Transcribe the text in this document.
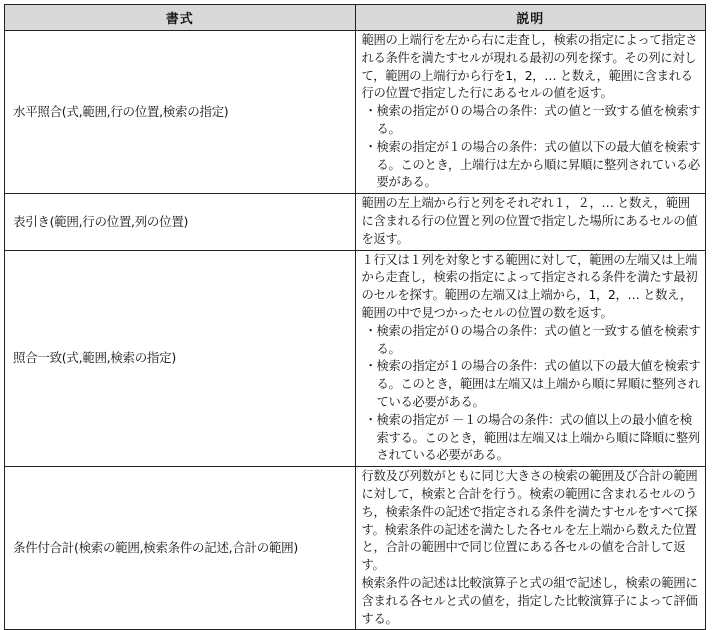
書式	説明
水平照合(式,範囲,行の位置,検索の指定)	範囲の上端行を左から右に走査し，検索の指定によって指定される条件を満たすセルが現れる最初の列を探す。その列に対して，範囲の上端行から行を1，2，… と数え，範囲に含まれる行の位置で指定した行にあるセルの値を返す。

・検索の指定が０の場合の条件：式の値と一致する値を検索する。

・検索の指定が１の場合の条件：式の値以下の最大値を検索する。このとき，上端行は左から順に昇順に整列されている必要がある。

表引き(範囲,行の位置,列の位置)	範囲の左上端から行と列をそれぞれ１，２，… と数え，範囲に含まれる行の位置と列の位置で指定した場所にあるセルの値を返す。

照合一致(式,範囲,検索の指定)	１行又は１列を対象とする範囲に対して，範囲の左端又は上端から走査し，検索の指定によって指定される条件を満たす最初のセルを探す。範囲の左端又は上端から，1，2，… と数え，範囲の中で見つかったセルの位置の数を返す。

・検索の指定が０の場合の条件：式の値と一致する値を検索する。

・検索の指定が１の場合の条件：式の値以下の最大値を検索する。このとき，範囲は左端又は上端から順に昇順に整列されている必要がある。

・検索の指定が －１の場合の条件：式の値以上の最小値を検索する。このとき，範囲は左端又は上端から順に降順に整列されている必要がある。

条件付合計(検索の範囲,検索条件の記述,合計の範囲)	行数及び列数がともに同じ大きさの検索の範囲及び合計の範囲に対して，検索と合計を行う。検索の範囲に含まれるセルのうち，検索条件の記述で指定される条件を満たすセルをすべて探す。検索条件の記述を満たした各セルを左上端から数えた位置と，合計の範囲中で同じ位置にある各セルの値を合計して返す。

検索条件の記述は比較演算子と式の組で記述し，検索の範囲に含まれる各セルと式の値を，指定した比較演算子によって評価する。
